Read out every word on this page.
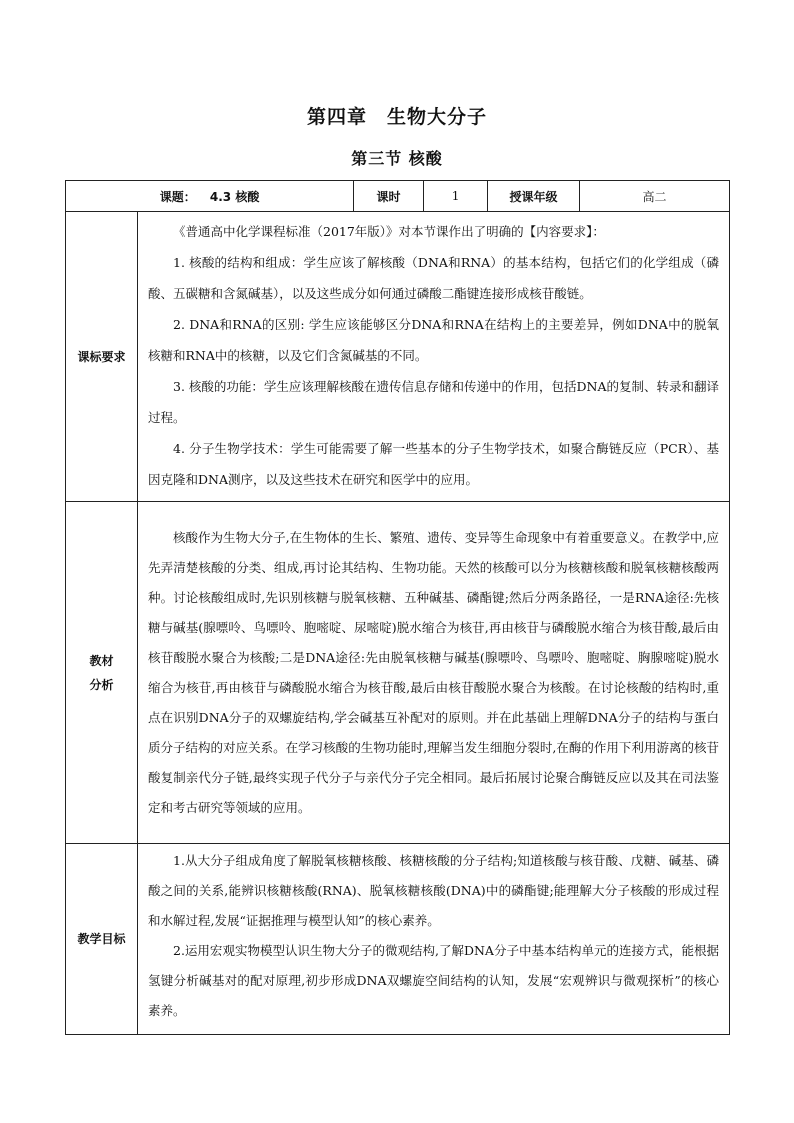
第四章　生物大分子
第三节 核酸
课题： 4.3 核酸		课时	1	授课年级	高二
课标要求	《普通高中化学课程标准（2017年版）》对本节课作出了明确的【内容要求】：

1. 核酸的结构和组成：学生应该了解核酸（DNA和RNA）的基本结构，包括它们的化学组成（磷酸、五碳糖和含氮碱基），以及这些成分如何通过磷酸二酯键连接形成核苷酸链。

2. DNA和RNA的区别: 学生应该能够区分DNA和RNA在结构上的主要差异，例如DNA中的脱氧核糖和RNA中的核糖，以及它们含氮碱基的不同。

3. 核酸的功能：学生应该理解核酸在遗传信息存储和传递中的作用，包括DNA的复制、转录和翻译过程。

4. 分子生物学技术：学生可能需要了解一些基本的分子生物学技术，如聚合酶链反应（PCR）、基因克隆和DNA测序，以及这些技术在研究和医学中的应用。				

教材
分析	核酸作为生物大分子,在生物体的生长、繁殖、遗传、变异等生命现象中有着重要意义。在教学中,应先弄清楚核酸的分类、组成,再讨论其结构、生物功能。天然的核酸可以分为核糖核酸和脱氧核糖核酸两种。讨论核酸组成时,先识别核糖与脱氧核糖、五种碱基、磷酯键;然后分两条路径，一是RNA途径:先核糖与碱基(腺嘌呤、鸟嘌呤、胞嘧啶、尿嘧啶)脱水缩合为核苷,再由核苷与磷酸脱水缩合为核苷酸,最后由核苷酸脱水聚合为核酸;二是DNA途径:先由脱氧核糖与碱基(腺嘌呤、鸟嘌呤、胞嘧啶、胸腺嘧啶)脱水缩合为核苷,再由核苷与磷酸脱水缩合为核苷酸,最后由核苷酸脱水聚合为核酸。在讨论核酸的结构时,重点在识别DNA分子的双螺旋结构,学会碱基互补配对的原则。并在此基础上理解DNA分子的结构与蛋白质分子结构的对应关系。在学习核酸的生物功能时,理解当发生细胞分裂时,在酶的作用下利用游离的核苷酸复制亲代分子链,最终实现子代分子与亲代分子完全相同。最后拓展讨论聚合酶链反应以及其在司法鉴定和考古研究等领域的应用。				

教学目标	1.从大分子组成角度了解脱氧核糖核酸、核糖核酸的分子结构;知道核酸与核苷酸、戊糖、碱基、磷酸之间的关系,能辨识核糖核酸(RNA)、脱氧核糖核酸(DNA)中的磷酯键;能理解大分子核酸的形成过程和水解过程,发展“证据推理与模型认知”的核心素养。

2.运用宏观实物模型认识生物大分子的微观结构,了解DNA分子中基本结构单元的连接方式，能根据氢键分析碱基对的配对原理,初步形成DNA双螺旋空间结构的认知，发展“宏观辨识与微观探析”的核心素养。				
